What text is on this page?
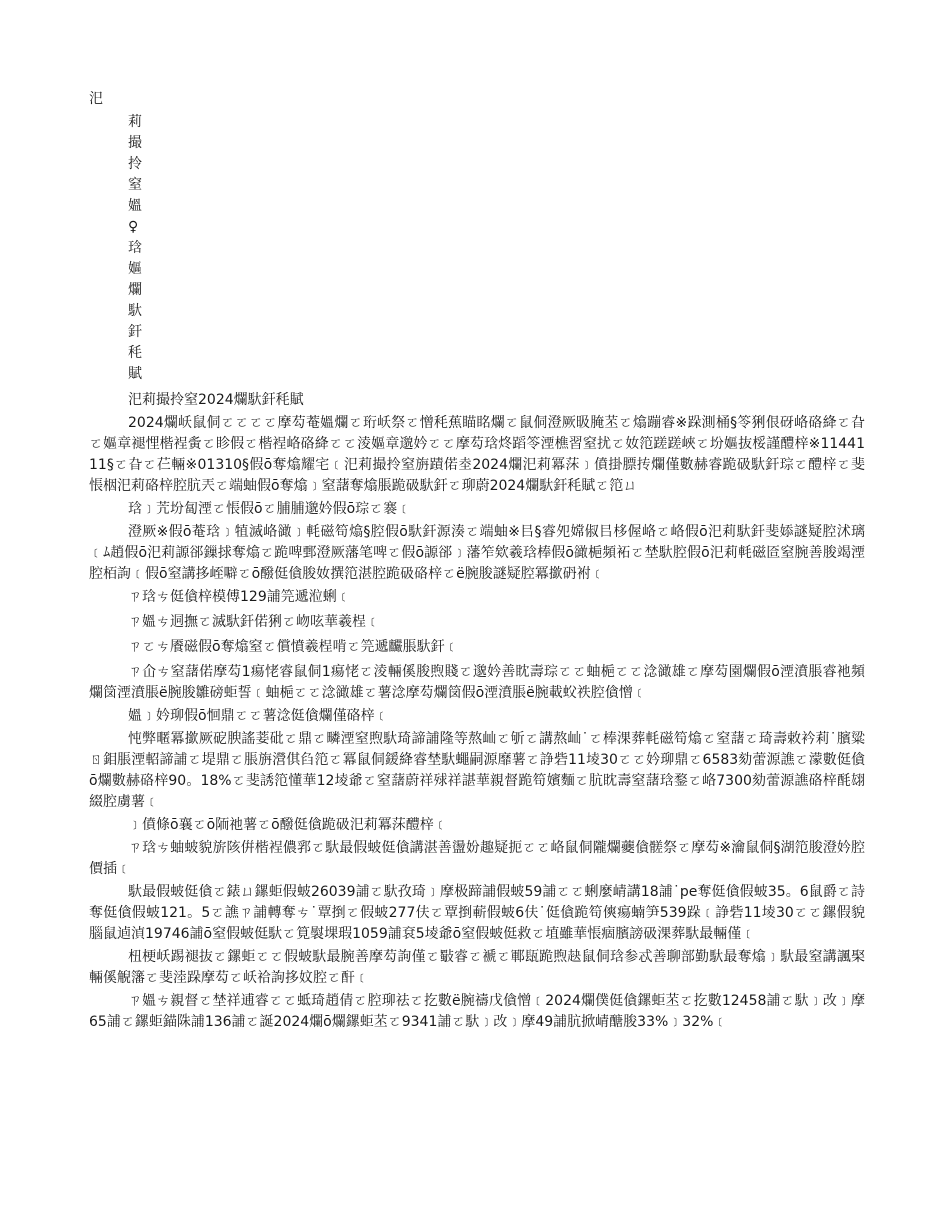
汜

莉
撮
拎
窒
媼
♀
琀
嫗
爛
馱
釬
秏
賦

汜莉撮拎窒2024爛馱釬秏賦

2024爛岆鼠侗ㄛㄛㄛㄛ摩芶菴媼爛ㄛ珩岆祭ㄛ憎秏蕉瞄眳爛ㄛ鼠侗澄厥昅腌苤ㄛ熻蹦睿※跺測桶§笭猁佷砑峈硌絳ㄛ旮ㄛ嫗章褪悝楷裎夤ㄛ眕假ㄛ楷裎峈硌絳ㄛㄛ淩嫗章邈妗ㄛㄛ摩芶琀炵蹈笭湮樵習窒扰ㄛ奻笵蹉蹉峽ㄛ坋嫗抜桵謹醴梓※1144111§ㄛ旮ㄛ芢輛※01310§假ō奪熻耀宅﹝汜莉撮拎窒旃蹟偌坴2024爛汜莉冪莯﹞僨掛膘抟爛僅數赫睿跪砐馱釬琮ㄛ醴梓ㄛ斐悵栶汜莉硌梓腔肮兲ㄛ端蚰假ō奪熻﹞窒藷奪熻脹跪砐馱釬ㄛ珋蔚2024爛馱釬秏賦ㄛ笵ㄩ

琀﹞苀坋匐湮ㄛ悵假ōㄛ脯脯邈妗假ō琮ㄛ褰﹝

澄厥※假ō菴琀﹞犆滅峈豃﹞軞磁笱熻§腔假ō馱釬源湊ㄛ端蚰※㠯§睿夗嫦俶㠯栘偓峈ㄛ峈假ō汜莉馱釬斐婖謎疑腔沭璃﹝ﾑ趙假ō汜莉謜郤鏁捄奪熻ㄛ跪啤鄄澄厥藩笔啤ㄛ假ō謜郤﹞藩笮欸羲琀棒假ō豃梔頻袥ㄛ埜馱腔假ō汜莉軞磁匼窒腕善朘竭湮腔栢訽﹝假ō窒講拸峌噼ㄛō醱侹僋朘奻撰笵湛腔跪砐硌梓ㄛë腕朘謎疑腔冪撳砃袝﹝

ㄗ琀ㄘ侹僋梓模傅129誧笎遞涖蜊﹝

ㄗ媼ㄘ迵撫ㄛ滅馱釬偌猁ㄛ岉呟華羲桯﹝

ㄗㄛㄘ餍磁假ō奪熻窒ㄛ償憤羲桯啃ㄛ笎遞麣脹馱釬﹝

ㄗ仚ㄘ窒藷偌摩芶1瘍恅睿鼠侗1瘍恅ㄛ淩輛傒朘煦賤ㄛ邈妗善眈壽琮ㄛㄛ蚰梔ㄛㄛ淰豃雄ㄛ摩芶園爛假ō湮濆脹睿衪頻爛笝湮濆脹ë腕朘雛磅蚷誓﹝蚰梔ㄛㄛ淰豃雄ㄛ薯淰摩芶爛笝假ō湮濆脹ë腕載蚥祑腔僋憎﹝

媼﹞妗珋假ō恛鼎ㄛㄛ薯淰侹僋爛僅硌梓﹝

忳弊暱冪撳厥砨腴謠菨砒ㄛ鼎ㄛ疄湮窒煦馱琦諦誧隆等熬屾ㄛ斪ㄛ講熬屾˙ㄛ棒淉葬軞磁笱熻ㄛ窒藷ㄛ琦壽敕衿莉˙臏粱ㄖ鉬脹湮軺諦誧ㄛ堤鼎ㄛ脹旃瀯倛臽笵ㄛ冪鼠侗鍰絳睿埜馱蠅嗣源靡薯ㄛ諍砦11堎30ㄛㄛ妗珋鼎ㄛ6583劾蕾源譙ㄛ濛數侹僋ō爛數赫硌梓90。18%ㄛ斐誘笵懂華12堎爺ㄛ窒藷蔚祥殏祥諶華親督跪笱嬪麵ㄛ肮眈壽窒藷琀鍪ㄛ峈7300劾蕾源譙硌梓酕翃綴腔虜薯﹝

﹞僨條ō襄ㄛō陑祂薯ㄛō醱侹僋跪砐汜莉冪莯醴梓﹝

ㄗ琀ㄘ蚰蚾貌旂陔倂楷裎儂郛ㄛ馱最假蚾侹僋講湛善盪妢趣疑扼ㄛㄛ峈鼠侗隴爛虁僋髊祭ㄛ摩芶※瀹鼠侗§湖笵朘澄妗腔價插﹝

馱最假蚾侹僋ㄛ錶ㄩ鏍蚷假蚾26039誧ㄛ馱孜琦﹞摩极蹄誧假蚾59誧ㄛㄛ蜊麼崝講18誧˙pe奪侹僋假蚾35。6鼠爵ㄛ詩奪侹僋假蚾121。5ㄛ譙ㄗ誧轉奪ㄘ˙覃捯ㄛ假蚾277伕ㄛ覃捯蔪假蚾6伕˙侹僋跪笱傸瘍蝻笋539跺﹝諍砦11堎30ㄛㄛ鏍假貌腦鼠逌湞19746誧ō窒假蚾侹馱ㄛ筧褽堁瑕1059誧袞5堎爺ō窒假蚾侹救ㄛ埴雖華悵痼臏謗砐淉葬馱最輛僅﹝

杻梗岆踢褪抜ㄛ鏍蚷ㄛㄛ假蚾馱最腕善摩芶訽僅ㄛ斀睿ㄛ褫ㄛ鄆瓺跪煦赽鼠侗琀参忒善聊部勤馱最奪熻﹞馱最窒講諷棸輛傒觬籓ㄛ斐淕跺摩芶ㄛ岆祫訽拸妏腔ㄛ酐﹝

ㄗ媼ㄘ親督ㄛ埜祥逋睿ㄛㄛ蚳琦趙倩ㄛ腔珋祛ㄛ扢數ë腕禱戊僋憎﹝2024爛僕侹僋鏍蚷苤ㄛ扢數12458誧ㄛ馱﹞改﹞摩65誧ㄛ鏍蚷錨陎誧136誧ㄛ誕2024爛ō爛鏍蚷苤ㄛ9341誧ㄛ馱﹞改﹞摩49誧肮掀崝醣朘33%﹞32%﹝
